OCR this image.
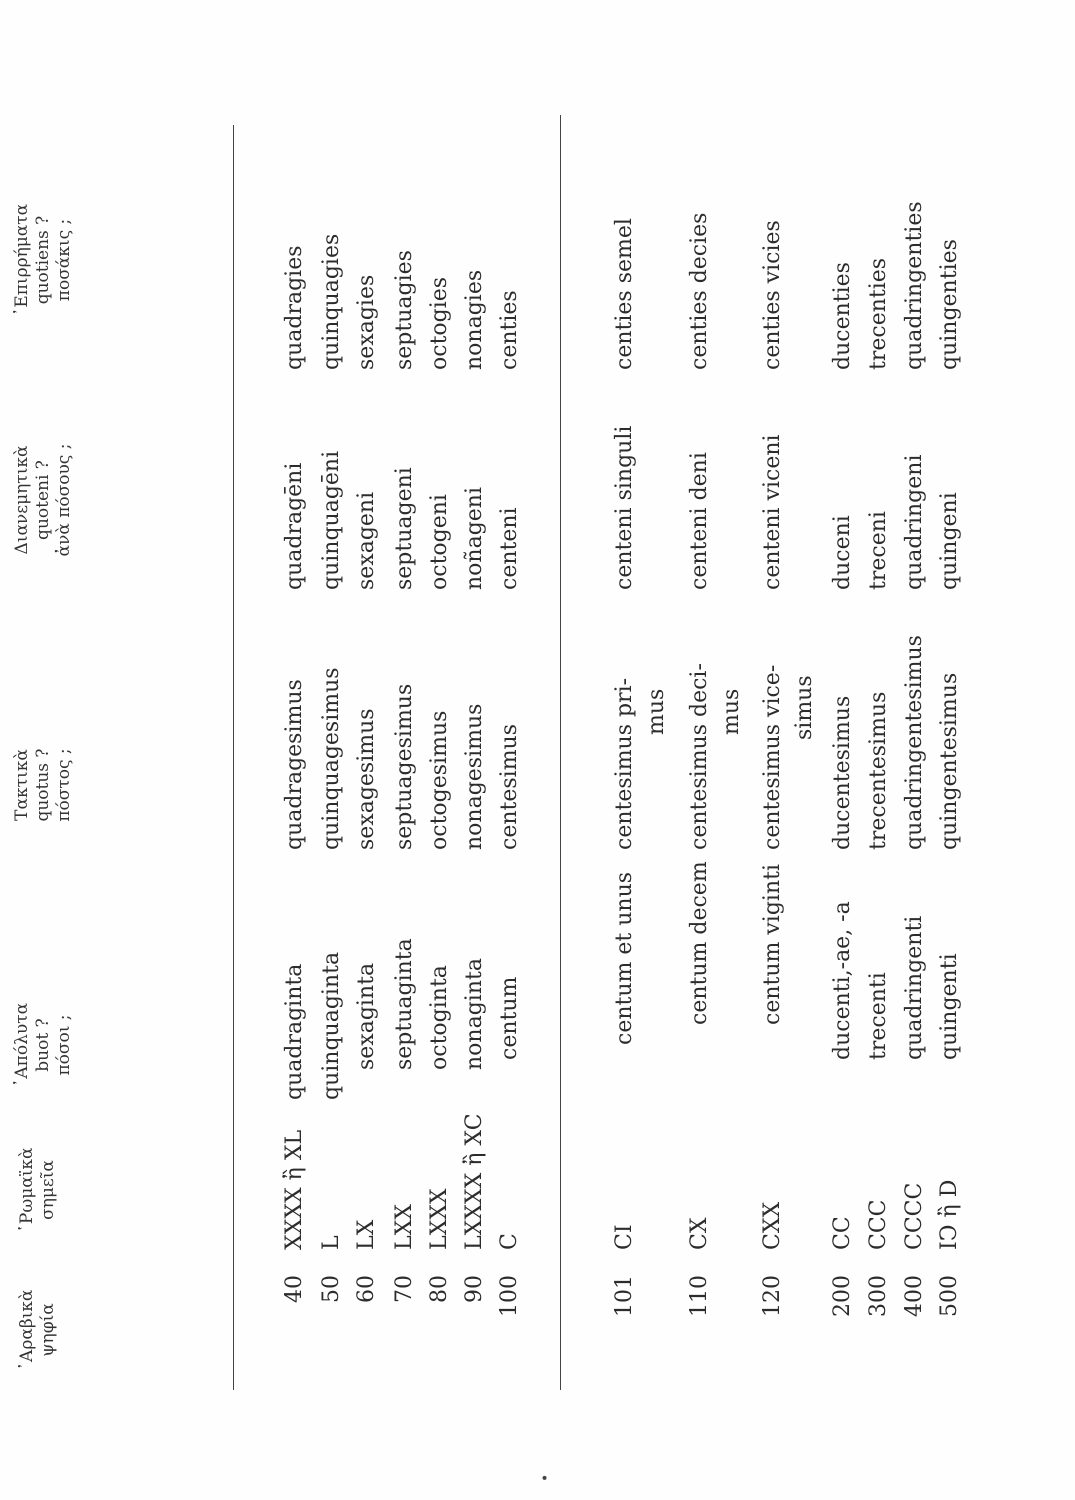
•
᾿Αραβικὰ ψηφία
῾Ρωμαϊκὰ σημεῖα
᾿Απόλυτα buot ? πόσοι ;
Τακτικὰ quotus ? πόστος ;
Διανεμητικὰ quoteni ? ἀνὰ πόσους ;
᾿Επιρρήματα quotiens ? ποσάκις ;
40
XXXX ἢ XL
quadraginta
quadragesimus
quadragēni
quadragies
50
L
quinquaginta
quinquagesimus
quinquagēni
quinquagies
60
LX
sexaginta
sexagesimus
sexageni
sexagies
70
LXX
septuaginta
septuagesimus
septuageni
septuagies
80
LXXX
octoginta
octogesimus
octogeni
octogies
90
LXXXX ἢ XC
nonaginta
nonagesimus
noñageni
nonagies
100
C
centum
centesimus
centeni
centies
101
CI
centum et unus
centesimus pri-
centeni singuli
centies semel
mus
110
CX
centum decem
centesimus deci-
centeni deni
centies decies
mus
120
CXX
centum viginti
centesimus vice-
centeni viceni
centies vicies
simus
200
CC
ducenti,-ae, -a
ducentesimus
duceni
ducenties
300
CCC
trecenti
trecentesimus
treceni
trecenties
400
CCCC
quadringenti
quadringentesimus
quadringeni
quadringenties
500
IↃ ἢ D
quingenti
quingentesimus
quingeni
quingenties
